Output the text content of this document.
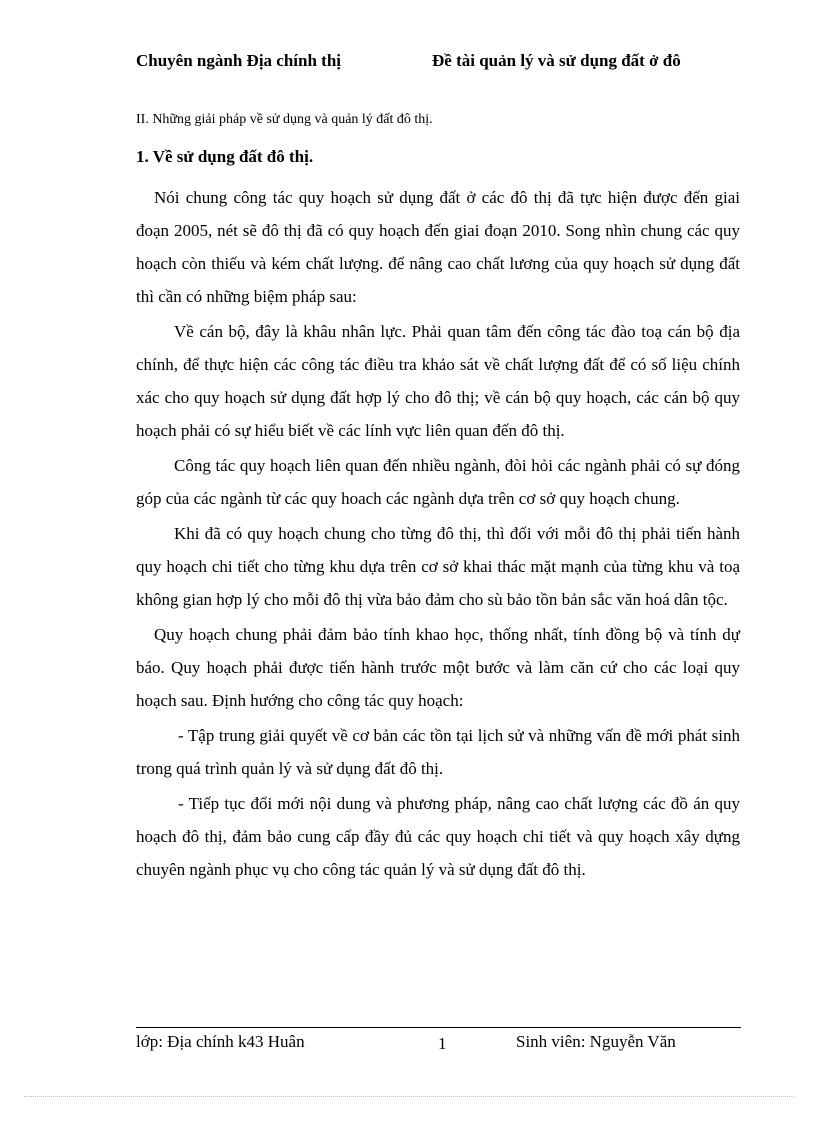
Chuyên ngành Địa chính thị	Đề tài quản lý và sử dụng đất ở đô
II. Những giải pháp về sử dụng và quản lý đất đô thị.
1. Về sử dụng đất đô thị.

Nói chung công tác quy hoạch sử dụng đất ở các đô thị đã tực hiện được đến giai đoạn 2005, nét sẽ đô thị đã có quy hoạch đến giai đoạn 2010. Song nhìn chung các quy hoạch còn thiếu và kém chất lượng. để nâng cao chất lương của quy hoạch sử dụng đất thì cần có những biệm pháp sau:

Về cán bộ, đây là khâu nhân lực. Phải quan tâm đến công tác đào toạ cán bộ địa chính, để thực hiện các công tác điều tra khảo sát về chất lượng đất để có số liệu chính xác cho quy hoạch sử dụng đất hợp lý cho đô thị; về cán bộ quy hoạch, các cán bộ quy hoạch phải có sự hiểu biết về các lính vực liên quan đến đô thị.

Công tác quy hoạch liên quan đến nhiều ngành, đòi hỏi các ngành phải có sự đóng góp của các ngành từ các quy hoach các ngành dựa trên cơ sở quy hoạch chung.

Khi đã có quy hoạch chung cho từng đô thị, thì đối với mỗi đô thị phải tiến hành quy hoạch chi tiết cho từng khu dựa trên cơ sở khai thác mặt mạnh của từng khu và toạ không gian hợp lý cho mỗi đô thị vừa bảo đảm cho sù bảo tồn bản sắc văn hoá dân tộc.

Quy hoạch chung phải đảm bảo tính khao học, thống nhất, tính đồng bộ và tính dự báo. Quy hoạch phải được tiến hành trước một bước và làm căn cứ cho các loại quy hoạch sau. Định hướng cho công tác quy hoạch:

- Tập trung giải quyết về cơ bản các tồn tại lịch sử và những vấn đề mới phát sinh trong quá trình quản lý và sử dụng đất đô thị.

- Tiếp tục đổi mới nội dung và phương pháp, nâng cao chất lượng các đồ án quy hoạch đô thị, đảm bảo cung cấp đầy đủ các quy hoạch chi tiết và quy hoạch xây dựng chuyên ngành phục vụ cho công tác quản lý và sử dụng đất đô thị.

lớp: Địa chính k43 Huân	1	Sinh viên: Nguyễn Văn
